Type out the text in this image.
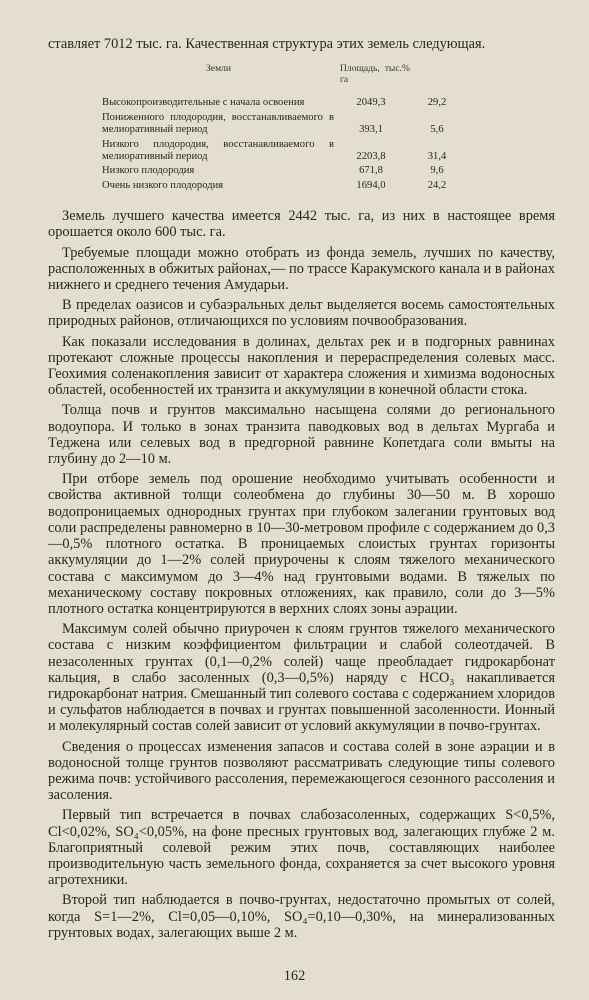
ставляет 7012 тыс. га. Качественная структура этих земель следующая.

Земли	Площадь, тыс. га	%
Высокопроизводительные с начала освоения	2049,3	29,2
Пониженного плодородия, восстанавливаемого в мелиоративный период	393,1	5,6
Низкого плодородия, восстанавливаемого в мелиоративный период	2203,8	31,4
Низкого плодородия	671,8	9,6
Очень низкого плодородия	1694,0	24,2

Земель лучшего качества имеется 2442 тыс. га, из них в настоящее время орошается около 600 тыс. га.

Требуемые площади можно отобрать из фонда земель, лучших по качеству, расположенных в обжитых районах,— по трассе Каракумского канала и в районах нижнего и среднего течения Амударьи.

В пределах оазисов и субаэральных дельт выделяется восемь самостоятельных природных районов, отличающихся по условиям почвообразования.

Как показали исследования в долинах, дельтах рек и в подгорных равнинах протекают сложные процессы накопления и перераспределения солевых масс. Геохимия соленакопления зависит от характера сложения и химизма водоносных областей, особенностей их транзита и аккумуляции в конечной области стока.

Толща почв и грунтов максимально насыщена солями до регионального водоупора. И только в зонах транзита паводковых вод в дельтах Мургаба и Теджена или селевых вод в предгорной равнине Копетдага соли вмыты на глубину до 2—10 м.

При отборе земель под орошение необходимо учитывать особенности и свойства активной толщи солеобмена до глубины 30—50 м. В хорошо водопроницаемых однородных грунтах при глубоком залегании грунтовых вод соли распределены равномерно в 10—30-метровом профиле с содержанием до 0,3—0,5% плотного остатка. В проницаемых слоистых грунтах горизонты аккумуляции до 1—2% солей приурочены к слоям тяжелого механического состава с максимумом до 3—4% над грунтовыми водами. В тяжелых по механическому составу покровных отложениях, как правило, соли до 3—5% плотного остатка концентрируются в верхних слоях зоны аэрации.

Максимум солей обычно приурочен к слоям грунтов тяжелого механического состава с низким коэффициентом фильтрации и слабой солеотдачей. В незасоленных грунтах (0,1—0,2% солей) чаще преобладает гидрокарбонат кальция, в слабо засоленных (0,3—0,5%) наряду с HCO₃ накапливается гидрокарбонат натрия. Смешанный тип солевого состава с содержанием хлоридов и сульфатов наблюдается в почвах и грунтах повышенной засоленности. Ионный и молекулярный состав солей зависит от условий аккумуляции в почво-грунтах.

Сведения о процессах изменения запасов и состава солей в зоне аэрации и в водоносной толще грунтов позволяют рассматривать следующие типы солевого режима почв: устойчивого рассоления, перемежающегося сезонного рассоления и засоления.

Первый тип встречается в почвах слабозасоленных, содержащих S<0,5%, Cl<0,02%, SO₄<0,05%, на фоне пресных грунтовых вод, залегающих глубже 2 м. Благоприятный солевой режим этих почв, составляющих наиболее производительную часть земельного фонда, сохраняется за счет высокого уровня агротехники.

Второй тип наблюдается в почво-грунтах, недостаточно промытых от солей, когда S=1—2%, Cl=0,05—0,10%, SO₄=0,10—0,30%, на минерализованных грунтовых водах, залегающих выше 2 м.

162
